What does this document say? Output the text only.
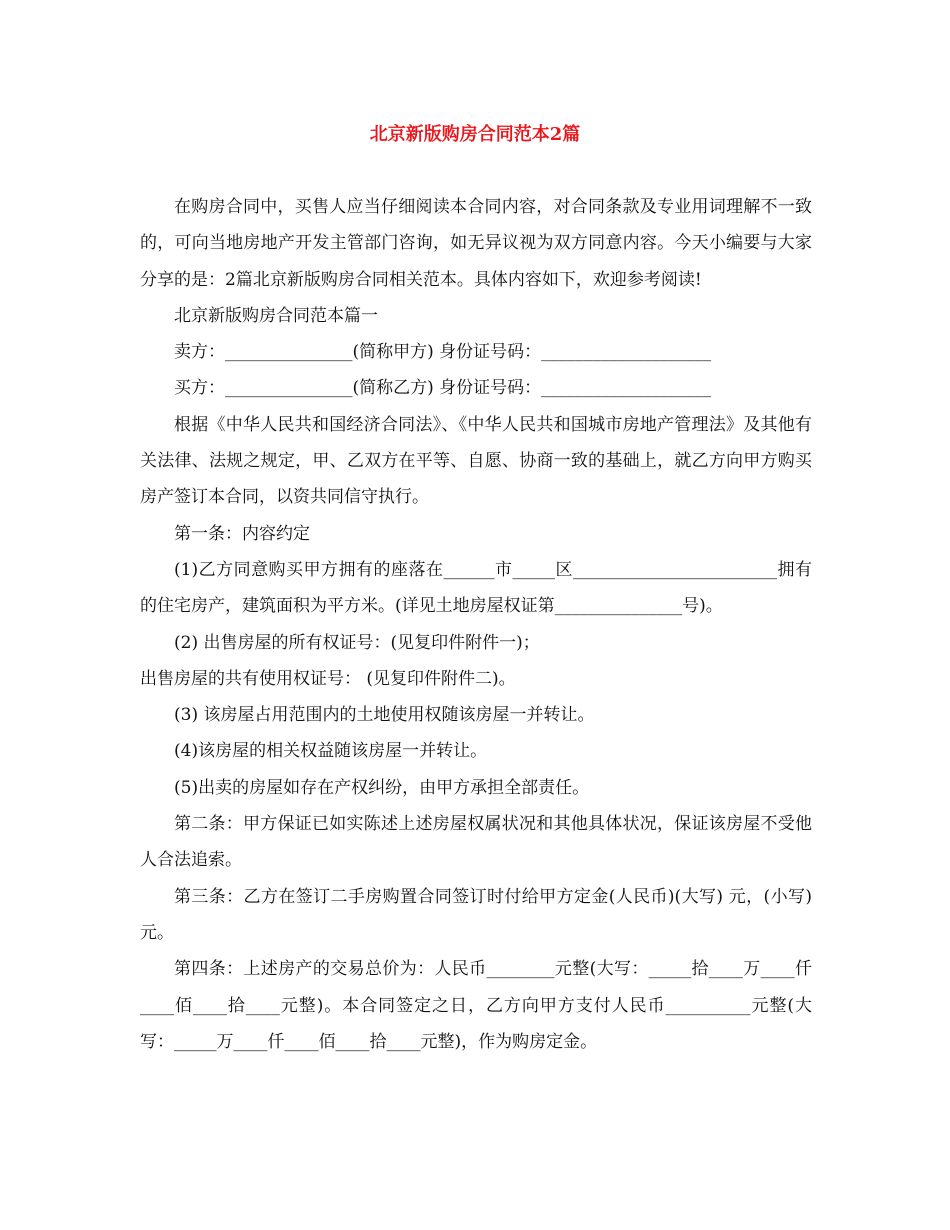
北京新版购房合同范本2篇

在购房合同中，买售人应当仔细阅读本合同内容，对合同条款及专业用词理解不一致的，可向当地房地产开发主管部门咨询，如无异议视为双方同意内容。今天小编要与大家分享的是：2篇北京新版购房合同相关范本。具体内容如下，欢迎参考阅读!

北京新版购房合同范本篇一

卖方：_______________(简称甲方) 身份证号码：____________________

买方：_______________(简称乙方) 身份证号码：____________________

根据《中华人民共和国经济合同法》、《中华人民共和国城市房地产管理法》及其他有关法律、法规之规定，甲、乙双方在平等、自愿、协商一致的基础上，就乙方向甲方购买房产签订本合同，以资共同信守执行。

第一条：内容约定

(1)乙方同意购买甲方拥有的座落在______市_____区________________________拥有的住宅房产，建筑面积为平方米。(详见土地房屋权证第_______________号)。

(2) 出售房屋的所有权证号：(见复印件附件一)；

出售房屋的共有使用权证号： (见复印件附件二)。

(3) 该房屋占用范围内的土地使用权随该房屋一并转让。

(4)该房屋的相关权益随该房屋一并转让。

(5)出卖的房屋如存在产权纠纷，由甲方承担全部责任。

第二条：甲方保证已如实陈述上述房屋权属状况和其他具体状况，保证该房屋不受他人合法追索。

第三条：乙方在签订二手房购置合同签订时付给甲方定金(人民币)(大写) 元，(小写) 元。

第四条：上述房产的交易总价为：人民币________元整(大写：_____拾____万____仟____佰____拾____元整)。本合同签定之日，乙方向甲方支付人民币__________元整(大写：_____万____仟____佰____拾____元整)，作为购房定金。
